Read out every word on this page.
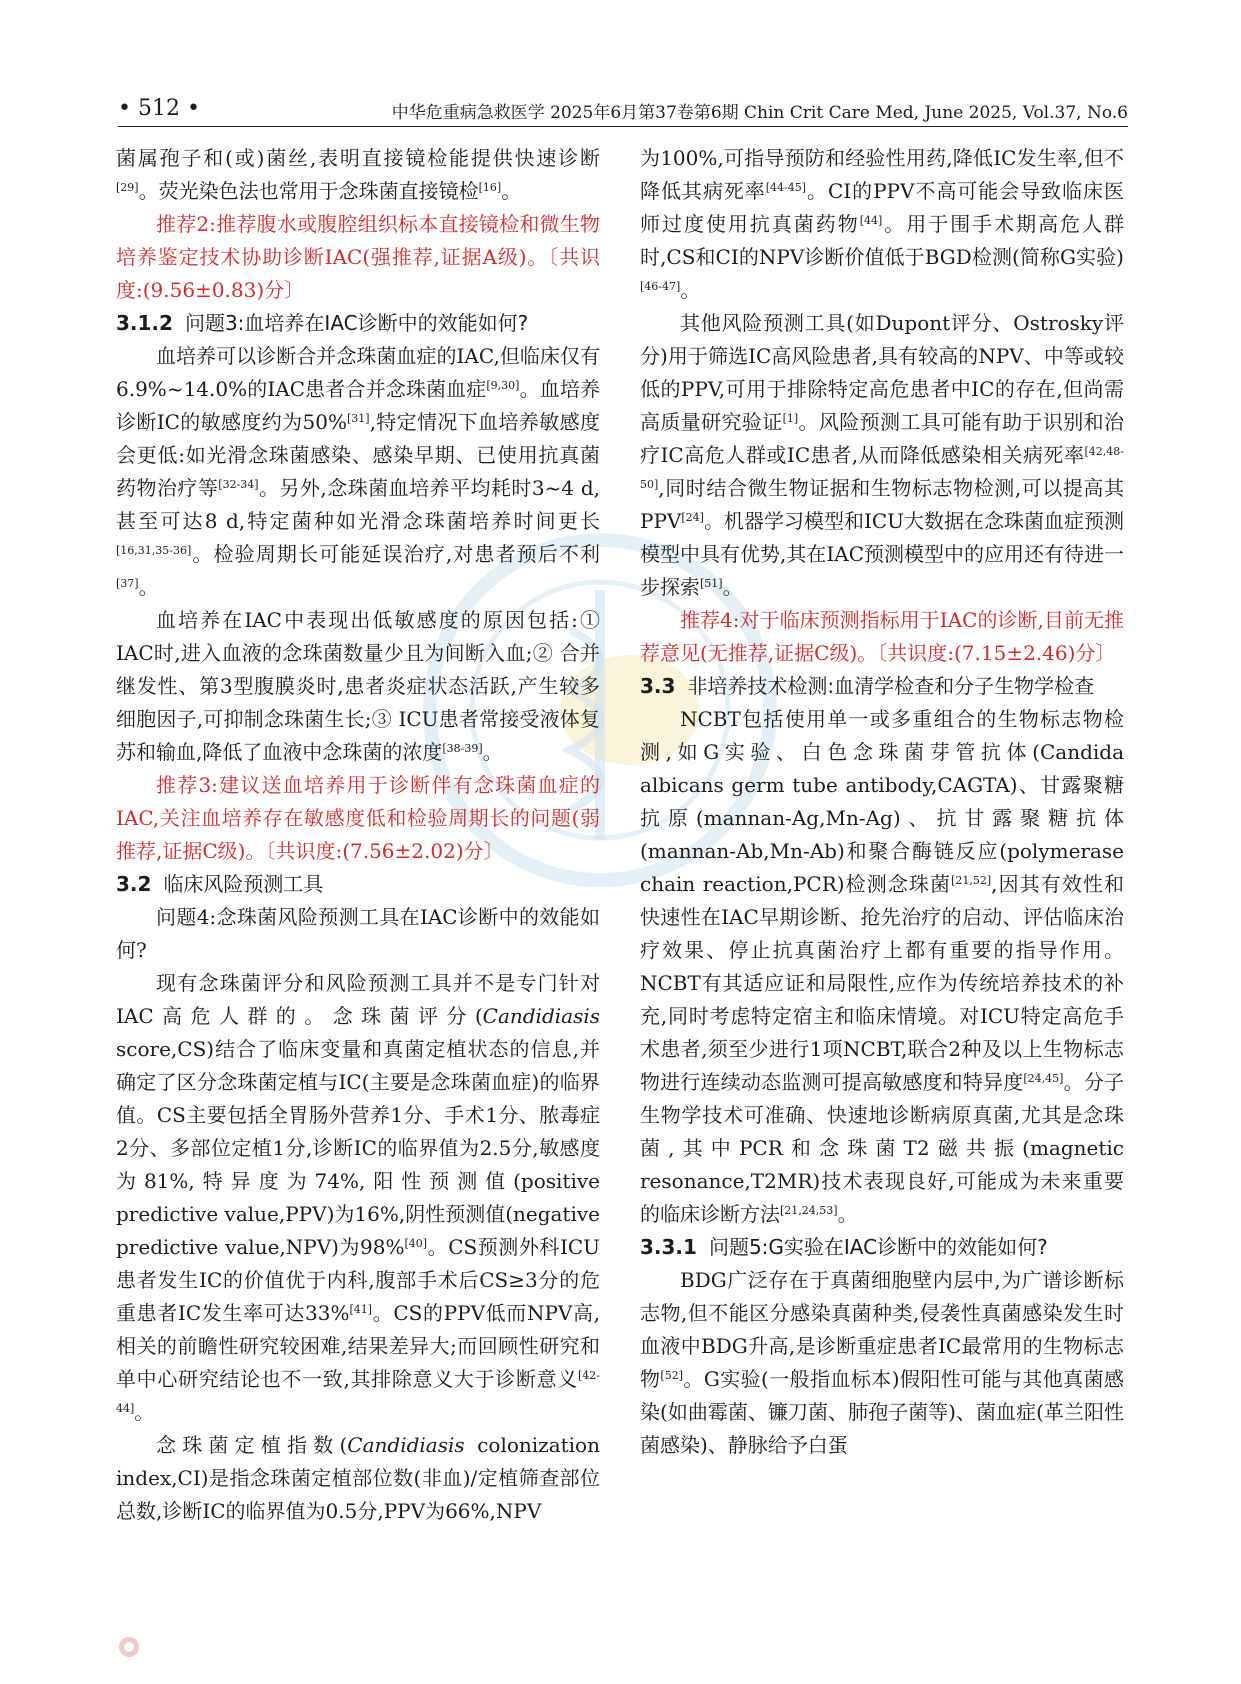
• 512 •	中华危重病急救医学 2025年6月第37卷第6期 Chin Crit Care Med, June 2025, Vol.37, No.6

菌属孢子和(或)菌丝,表明直接镜检能提供快速诊断[29]。荧光染色法也常用于念珠菌直接镜检[16]。

推荐2:推荐腹水或腹腔组织标本直接镜检和微生物培养鉴定技术协助诊断IAC(强推荐,证据A级)。〔共识度:(9.56±0.83)分〕

3.1.2 问题3:血培养在IAC诊断中的效能如何?

血培养可以诊断合并念珠菌血症的IAC,但临床仅有6.9%~14.0%的IAC患者合并念珠菌血症[9,30]。血培养诊断IC的敏感度约为50%[31],特定情况下血培养敏感度会更低:如光滑念珠菌感染、感染早期、已使用抗真菌药物治疗等[32-34]。另外,念珠菌血培养平均耗时3~4 d,甚至可达8 d,特定菌种如光滑念珠菌培养时间更长[16,31,35-36]。检验周期长可能延误治疗,对患者预后不利[37]。

血培养在IAC中表现出低敏感度的原因包括:① IAC时,进入血液的念珠菌数量少且为间断入血;② 合并继发性、第3型腹膜炎时,患者炎症状态活跃,产生较多细胞因子,可抑制念珠菌生长;③ ICU患者常接受液体复苏和输血,降低了血液中念珠菌的浓度[38-39]。

推荐3:建议送血培养用于诊断伴有念珠菌血症的IAC,关注血培养存在敏感度低和检验周期长的问题(弱推荐,证据C级)。〔共识度:(7.56±2.02)分〕

3.2 临床风险预测工具

问题4:念珠菌风险预测工具在IAC诊断中的效能如何?

现有念珠菌评分和风险预测工具并不是专门针对IAC高危人群的。念珠菌评分(Candidiasis score,CS)结合了临床变量和真菌定植状态的信息,并确定了区分念珠菌定植与IC(主要是念珠菌血症)的临界值。CS主要包括全胃肠外营养1分、手术1分、脓毒症2分、多部位定植1分,诊断IC的临界值为2.5分,敏感度为81%,特异度为74%,阳性预测值(positive predictive value,PPV)为16%,阴性预测值(negative predictive value,NPV)为98%[40]。CS预测外科ICU患者发生IC的价值优于内科,腹部手术后CS≥3分的危重患者IC发生率可达33%[41]。CS的PPV低而NPV高,相关的前瞻性研究较困难,结果差异大;而回顾性研究和单中心研究结论也不一致,其排除意义大于诊断意义[42-44]。

念珠菌定植指数(Candidiasis colonization index,CI)是指念珠菌定植部位数(非血)/定植筛查部位总数,诊断IC的临界值为0.5分,PPV为66%,NPV

为100%,可指导预防和经验性用药,降低IC发生率,但不降低其病死率[44-45]。CI的PPV不高可能会导致临床医师过度使用抗真菌药物[44]。用于围手术期高危人群时,CS和CI的NPV诊断价值低于BGD检测(简称G实验)[46-47]。

其他风险预测工具(如Dupont评分、Ostrosky评分)用于筛选IC高风险患者,具有较高的NPV、中等或较低的PPV,可用于排除特定高危患者中IC的存在,但尚需高质量研究验证[1]。风险预测工具可能有助于识别和治疗IC高危人群或IC患者,从而降低感染相关病死率[42,48-50],同时结合微生物证据和生物标志物检测,可以提高其PPV[24]。机器学习模型和ICU大数据在念珠菌血症预测模型中具有优势,其在IAC预测模型中的应用还有待进一步探索[51]。

推荐4:对于临床预测指标用于IAC的诊断,目前无推荐意见(无推荐,证据C级)。〔共识度:(7.15±2.46)分〕

3.3 非培养技术检测:血清学检查和分子生物学检查

NCBT包括使用单一或多重组合的生物标志物检测,如G实验、白色念珠菌芽管抗体(Candida albicans germ tube antibody,CAGTA)、甘露聚糖抗原(mannan-Ag,Mn-Ag)、抗甘露聚糖抗体(mannan-Ab,Mn-Ab)和聚合酶链反应(polymerase chain reaction,PCR)检测念珠菌[21,52],因其有效性和快速性在IAC早期诊断、抢先治疗的启动、评估临床治疗效果、停止抗真菌治疗上都有重要的指导作用。NCBT有其适应证和局限性,应作为传统培养技术的补充,同时考虑特定宿主和临床情境。对ICU特定高危手术患者,须至少进行1项NCBT,联合2种及以上生物标志物进行连续动态监测可提高敏感度和特异度[24,45]。分子生物学技术可准确、快速地诊断病原真菌,尤其是念珠菌,其中PCR和念珠菌T2磁共振(magnetic resonance,T2MR)技术表现良好,可能成为未来重要的临床诊断方法[21,24,53]。

3.3.1 问题5:G实验在IAC诊断中的效能如何?

BDG广泛存在于真菌细胞壁内层中,为广谱诊断标志物,但不能区分感染真菌种类,侵袭性真菌感染发生时血液中BDG升高,是诊断重症患者IC最常用的生物标志物[52]。G实验(一般指血标本)假阳性可能与其他真菌感染(如曲霉菌、镰刀菌、肺孢子菌等)、菌血症(革兰阳性菌感染)、静脉给予白蛋
